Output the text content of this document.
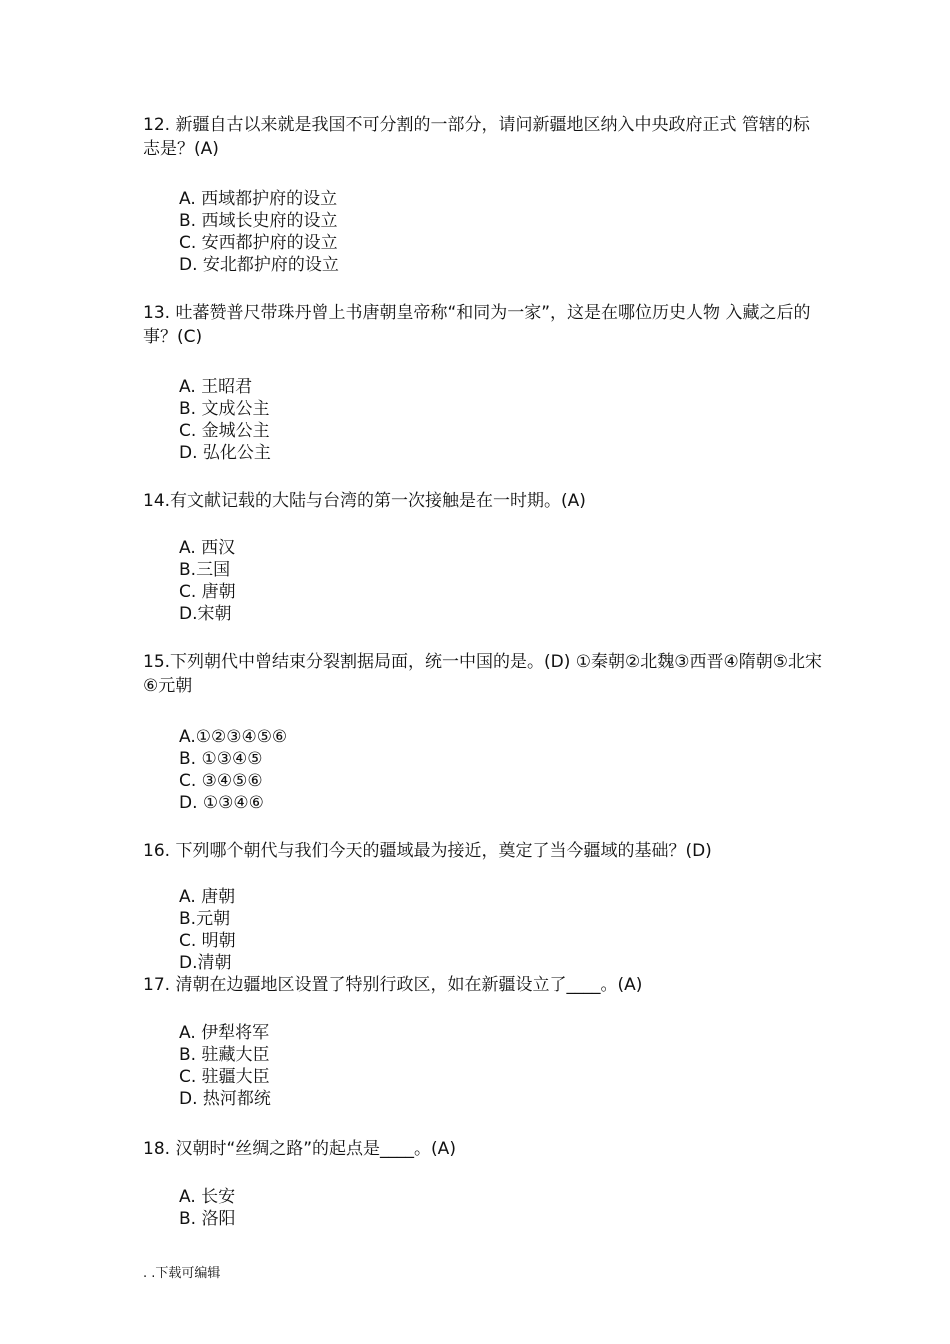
12. 新疆自古以来就是我国不可分割的一部分，请问新疆地区纳入中央政府正式 管辖的标志是？(A)

A. 西域都护府的设立
B. 西域长史府的设立
C. 安西都护府的设立
D. 安北都护府的设立

13. 吐蕃赞普尺带珠丹曾上书唐朝皇帝称“和同为一家”，这是在哪位历史人物 入藏之后的事？(C)

A. 王昭君
B. 文成公主
C. 金城公主
D. 弘化公主

14.有文献记载的大陆与台湾的第一次接触是在一时期。(A)

A. 西汉
B.三国
C. 唐朝
D.宋朝

15.下列朝代中曾结束分裂割据局面，统一中国的是。(D) ①秦朝②北魏③西晋④隋朝⑤北宋⑥元朝

A.①②③④⑤⑥
B. ①③④⑤
C. ③④⑤⑥
D. ①③④⑥

16. 下列哪个朝代与我们今天的疆域最为接近，奠定了当今疆域的基础？(D)

A. 唐朝
B.元朝
C. 明朝
D.清朝

17. 清朝在边疆地区设置了特别行政区，如在新疆设立了____。(A)

A. 伊犁将军
B. 驻藏大臣
C. 驻疆大臣
D. 热河都统

18. 汉朝时“丝绸之路”的起点是____。(A)

A. 长安
B. 洛阳
. .下载可编辑
